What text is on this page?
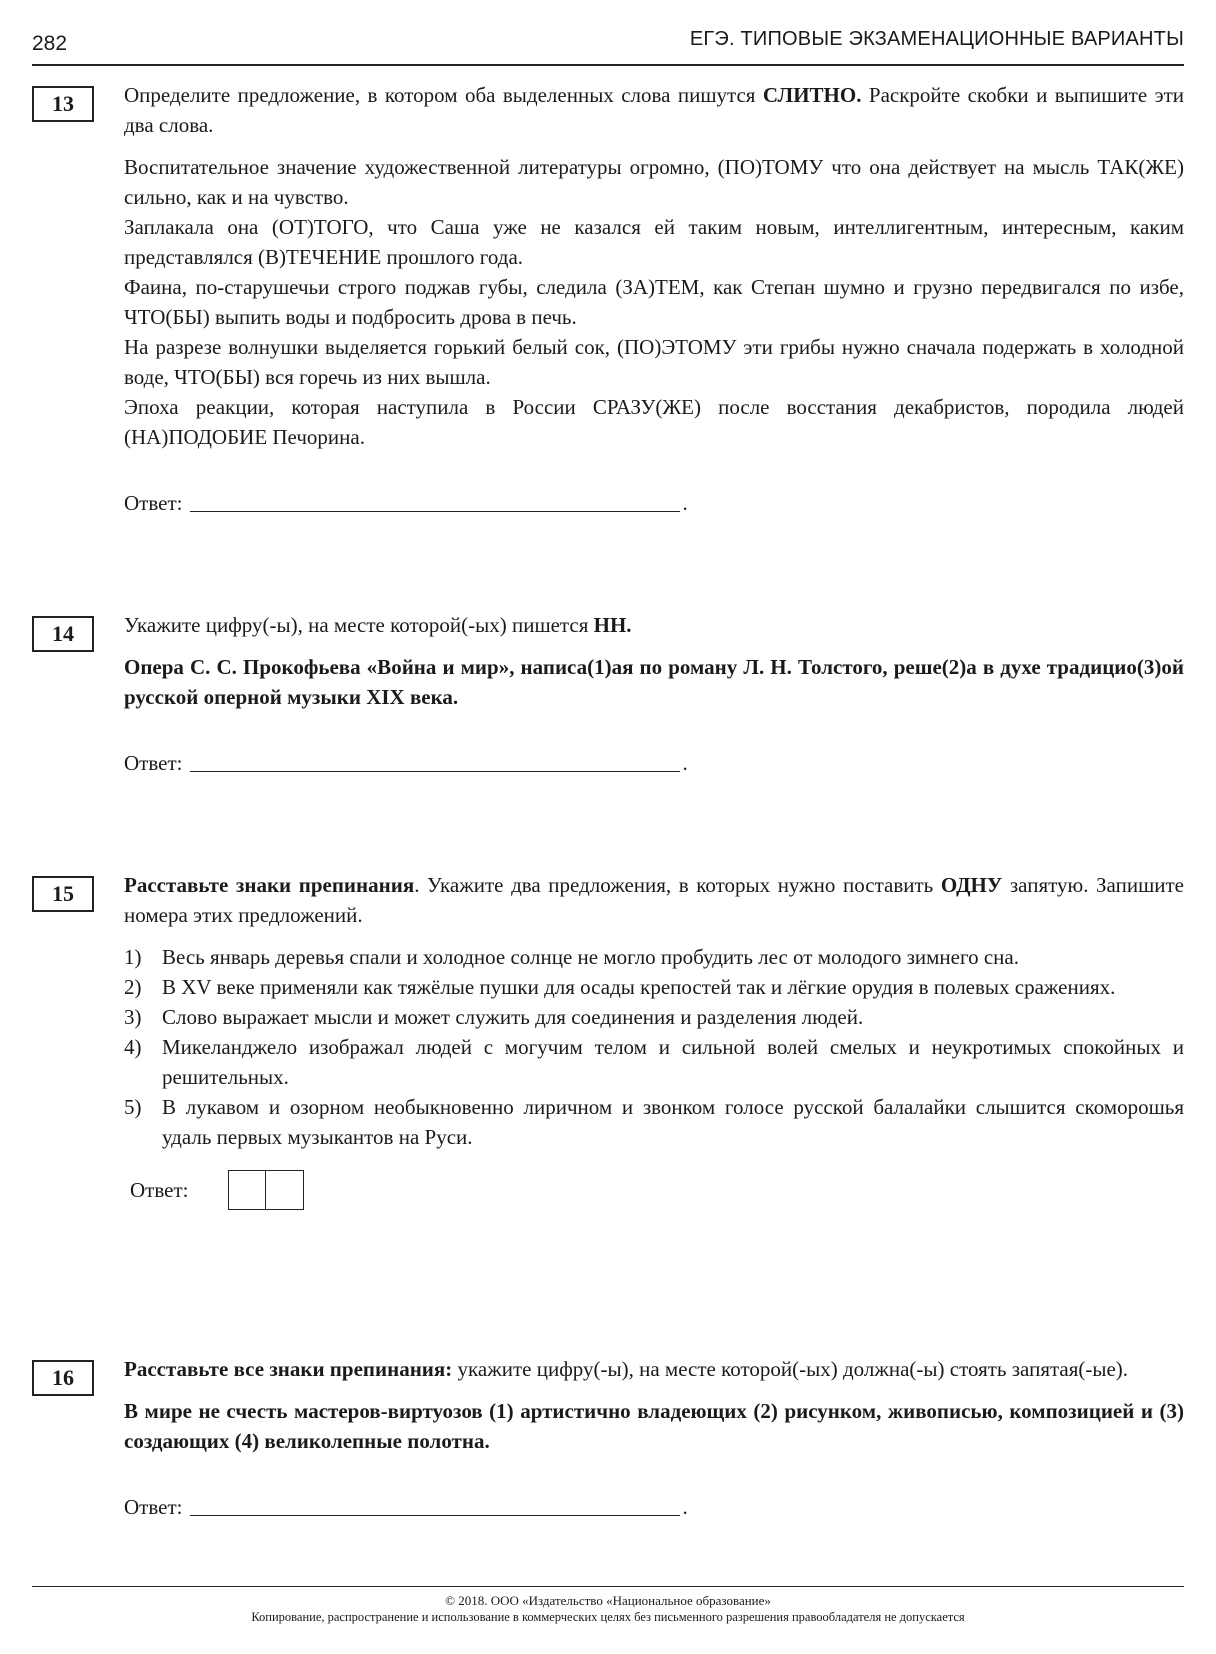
282	ЕГЭ. ТИПОВЫЕ ЭКЗАМЕНАЦИОННЫЕ ВАРИАНТЫ
13	Определите предложение, в котором оба выделенных слова пишутся СЛИТНО. Раскройте скобки и выпишите эти два слова.

Воспитательное значение художественной литературы огромно, (ПО)ТОМУ что она действует на мысль ТАК(ЖЕ) сильно, как и на чувство.

Заплакала она (ОТ)ТОГО, что Саша уже не казался ей таким новым, интеллигентным, интересным, каким представлялся (В)ТЕЧЕНИЕ прошлого года.

Фаина, по-старушечьи строго поджав губы, следила (ЗА)ТЕМ, как Степан шумно и грузно передвигался по избе, ЧТО(БЫ) выпить воды и подбросить дрова в печь.

На разрезе волнушки выделяется горький белый сок, (ПО)ЭТОМУ эти грибы нужно сначала подержать в холодной воде, ЧТО(БЫ) вся горечь из них вышла.

Эпоха реакции, которая наступила в России СРАЗУ(ЖЕ) после восстания декабристов, породила людей (НА)ПОДОБИЕ Печорина.

Ответ:	.
14	Укажите цифру(-ы), на месте которой(-ых) пишется НН.

Опера С. С. Прокофьева «Война и мир», написа(1)ая по роману Л. Н. Толстого, реше(2)а в духе традицио(3)ой русской оперной музыки XIX века.

Ответ:	.
15	Расставьте знаки препинания. Укажите два предложения, в которых нужно поставить ОДНУ запятую. Запишите номера этих предложений.

1) Весь январь деревья спали и холодное солнце не могло пробудить лес от молодого зимнего сна.
2) В XV веке применяли как тяжёлые пушки для осады крепостей так и лёгкие орудия в полевых сражениях.
3) Слово выражает мысли и может служить для соединения и разделения людей.
4) Микеланджело изображал людей с могучим телом и сильной волей смелых и неукротимых спокойных и решительных.
5) В лукавом и озорном необыкновенно лиричном и звонком голосе русской балалайки слышится скоморошья удаль первых музыкантов на Руси.
Ответ:
16	Расставьте все знаки препинания: укажите цифру(-ы), на месте которой(-ых) должна(-ы) стоять запятая(-ые).

В мире не счесть мастеров-виртуозов (1) артистично владеющих (2) рисунком, живописью, композицией и (3) создающих (4) великолепные полотна.

Ответ:	.
© 2018. ООО «Издательство «Национальное образование»
Копирование, распространение и использование в коммерческих целях без письменного разрешения правообладателя не допускается
